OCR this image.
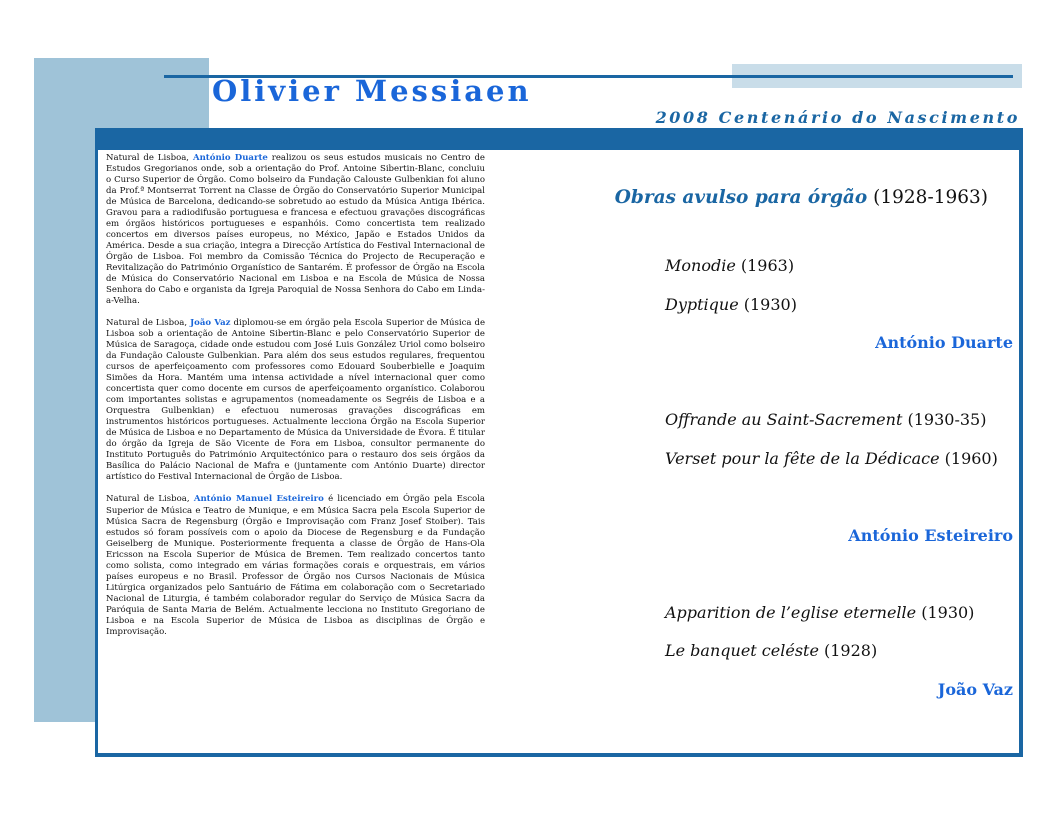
Olivier Messiaen
2008 Centenário do Nascimento

Natural de Lisboa, António Duarte realizou os seus estudos musicais no Centro de Estudos Gregorianos onde, sob a orientação do Prof. Antoine Sibertin-Blanc, concluiu o Curso Superior de Órgão. Como bolseiro da Fundação Calouste Gulbenkian foi aluno da Prof.ª Montserrat Torrent na Classe de Órgão do Conservatório Superior Municipal de Música de Barcelona, dedicando-se sobretudo ao estudo da Música Antiga Ibérica. Gravou para a radiodifusão portuguesa e francesa e efectuou gravações discográficas em órgãos históricos portugueses e espanhóis. Como concertista tem realizado concertos em diversos países europeus, no México, Japão e Estados Unidos da América. Desde a sua criação, integra a Direcção Artística do Festival Internacional de Órgão de Lisboa. Foi membro da Comissão Técnica do Projecto de Recuperação e Revitalização do Património Organístico de Santarém. É professor de Órgão na Escola de Música do Conservatório Nacional em Lisboa e na Escola de Música de Nossa Senhora do Cabo e organista da Igreja Paroquial de Nossa Senhora do Cabo em Linda-a-Velha.

Natural de Lisboa, João Vaz diplomou-se em órgão pela Escola Superior de Música de Lisboa sob a orientação de Antoine Sibertin-Blanc e pelo Conservatório Superior de Música de Saragoça, cidade onde estudou com José Luis González Uriol como bolseiro da Fundação Calouste Gulbenkian. Para além dos seus estudos regulares, frequentou cursos de aperfeiçoamento com professores como Edouard Souberbielle e Joaquim Simões da Hora. Mantém uma intensa actividade a nível internacional quer como concertista quer como docente em cursos de aperfeiçoamento organístico. Colaborou com importantes solistas e agrupamentos (nomeadamente os Segréis de Lisboa e a Orquestra Gulbenkian) e efectuou numerosas gravações discográficas em instrumentos históricos portugueses. Actualmente lecciona Órgão na Escola Superior de Música de Lisboa e no Departamento de Música da Universidade de Évora. É titular do órgão da Igreja de São Vicente de Fora em Lisboa, consultor permanente do Instituto Português do Património Arquitectónico para o restauro dos seis órgãos da Basílica do Palácio Nacional de Mafra e (juntamente com António Duarte) director artístico do Festival Internacional de Órgão de Lisboa.

Natural de Lisboa, António Manuel Esteireiro é licenciado em Órgão pela Escola Superior de Música e Teatro de Munique, e em Música Sacra pela Escola Superior de Música Sacra de Regensburg (Órgão e Improvisação com Franz Josef Stoiber). Tais estudos só foram possíveis com o apoio da Diocese de Regensburg e da Fundação Geiselberg de Munique. Posteriormente frequenta a classe de Órgão de Hans-Ola Ericsson na Escola Superior de Música de Bremen. Tem realizado concertos tanto como solista, como integrado em várias formações corais e orquestrais, em vários países europeus e no Brasil. Professor de Órgão nos Cursos Nacionais de Música Litúrgica organizados pelo Santuário de Fátima em colaboração com o Secretariado Nacional de Liturgia, é também colaborador regular do Serviço de Música Sacra da Paróquia de Santa Maria de Belém. Actualmente lecciona no Instituto Gregoriano de Lisboa e na Escola Superior de Música de Lisboa as disciplinas de Órgão e Improvisação.

Obras avulso para órgão (1928-1963)
Monodie (1963)
Dyptique (1930)
António Duarte
Offrande au Saint-Sacrement (1930-35)
Verset pour la fête de la Dédicace (1960)
António Esteireiro
Apparition de l’eglise eternelle (1930)
Le banquet celéste (1928)
João Vaz
